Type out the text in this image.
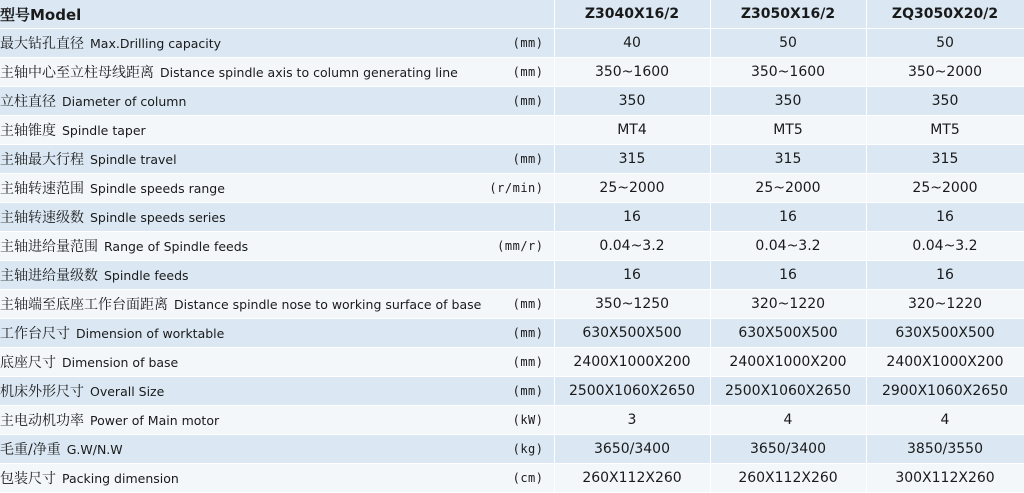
型号Model	Z3040X16/2	Z3050X16/2	ZQ3050X20/2
最大钻孔直径 Max.Drilling capacity (mm)	40	50	50
主轴中心至立柱母线距离 Distance spindle axis to column generating line (mm)	350~1600	350~1600	350~2000
立柱直径 Diameter of column (mm)	350	350	350
主轴锥度 Spindle taper	MT4	MT5	MT5
主轴最大行程 Spindle travel (mm)	315	315	315
主轴转速范围 Spindle speeds range (r/min)	25~2000	25~2000	25~2000
主轴转速级数 Spindle speeds series	16	16	16
主轴进给量范围 Range of Spindle feeds (mm/r)	0.04~3.2	0.04~3.2	0.04~3.2
主轴进给量级数 Spindle feeds	16	16	16
主轴端至底座工作台面距离 Distance spindle nose to working surface of base (mm)	350~1250	320~1220	320~1220
工作台尺寸 Dimension of worktable (mm)	630X500X500	630X500X500	630X500X500
底座尺寸 Dimension of base (mm)	2400X1000X200	2400X1000X200	2400X1000X200
机床外形尺寸 Overall Size (mm)	2500X1060X2650	2500X1060X2650	2900X1060X2650
主电动机功率 Power of Main motor (kW)	3	4	4
毛重/净重 G.W/N.W (kg)	3650/3400	3650/3400	3850/3550
包装尺寸 Packing dimension (cm)	260X112X260	260X112X260	300X112X260
